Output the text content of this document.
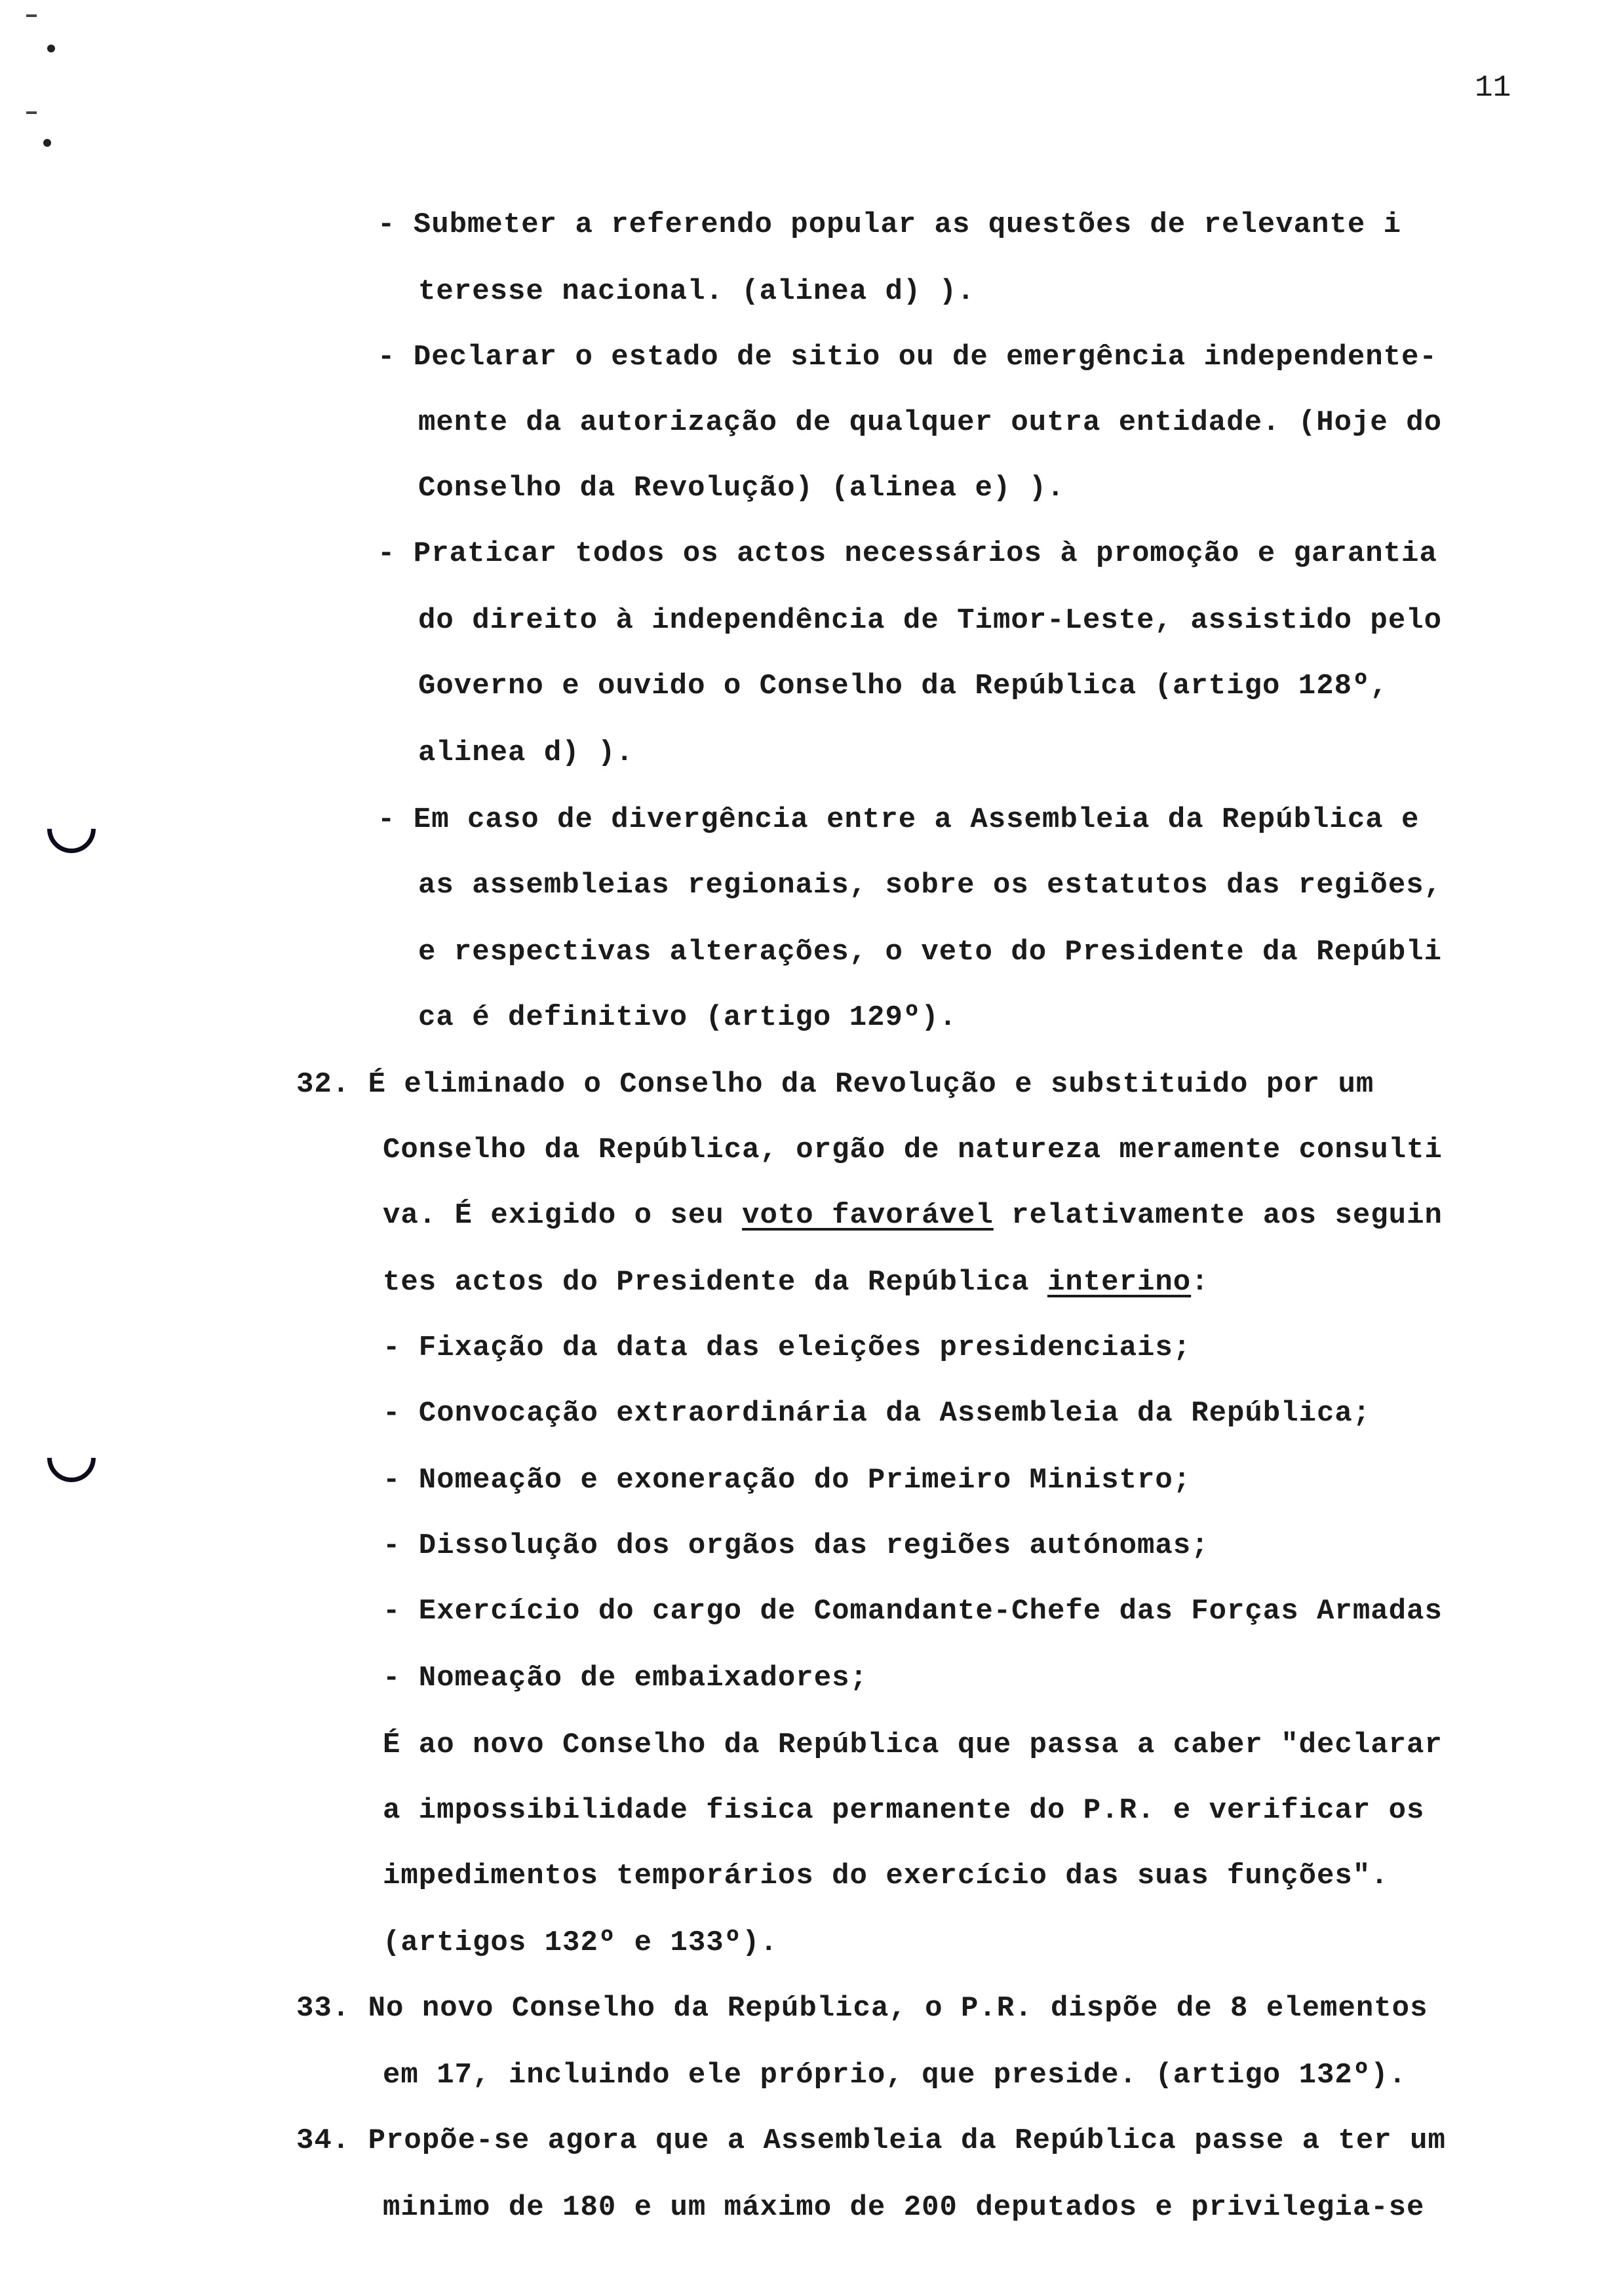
11
- Submeter a referendo popular as questões de relevante i
teresse nacional. (alinea d) ).
- Declarar o estado de sitio ou de emergência independente-
mente da autorização de qualquer outra entidade. (Hoje do
Conselho da Revolução) (alinea e) ).
- Praticar todos os actos necessários à promoção e garantia
do direito à independência de Timor-Leste, assistido pelo
Governo e ouvido o Conselho da República (artigo 128º,
alinea d) ).
- Em caso de divergência entre a Assembleia da República e
as assembleias regionais, sobre os estatutos das regiões,
e respectivas alterações, o veto do Presidente da Repúbli
ca é definitivo (artigo 129º).
32. É eliminado o Conselho da Revolução e substituido por um
Conselho da República, orgão de natureza meramente consulti
va. É exigido o seu voto favorável relativamente aos seguin
tes actos do Presidente da República interino:
- Fixação da data das eleições presidenciais;
- Convocação extraordinária da Assembleia da República;
- Nomeação e exoneração do Primeiro Ministro;
- Dissolução dos orgãos das regiões autónomas;
- Exercício do cargo de Comandante-Chefe das Forças Armadas
- Nomeação de embaixadores;
É ao novo Conselho da República que passa a caber "declarar
a impossibilidade fisica permanente do P.R. e verificar os
impedimentos temporários do exercício das suas funções".
(artigos 132º e 133º).
33. No novo Conselho da República, o P.R. dispõe de 8 elementos
em 17, incluindo ele próprio, que preside. (artigo 132º).
34. Propõe-se agora que a Assembleia da República passe a ter um
minimo de 180 e um máximo de 200 deputados e privilegia-se
